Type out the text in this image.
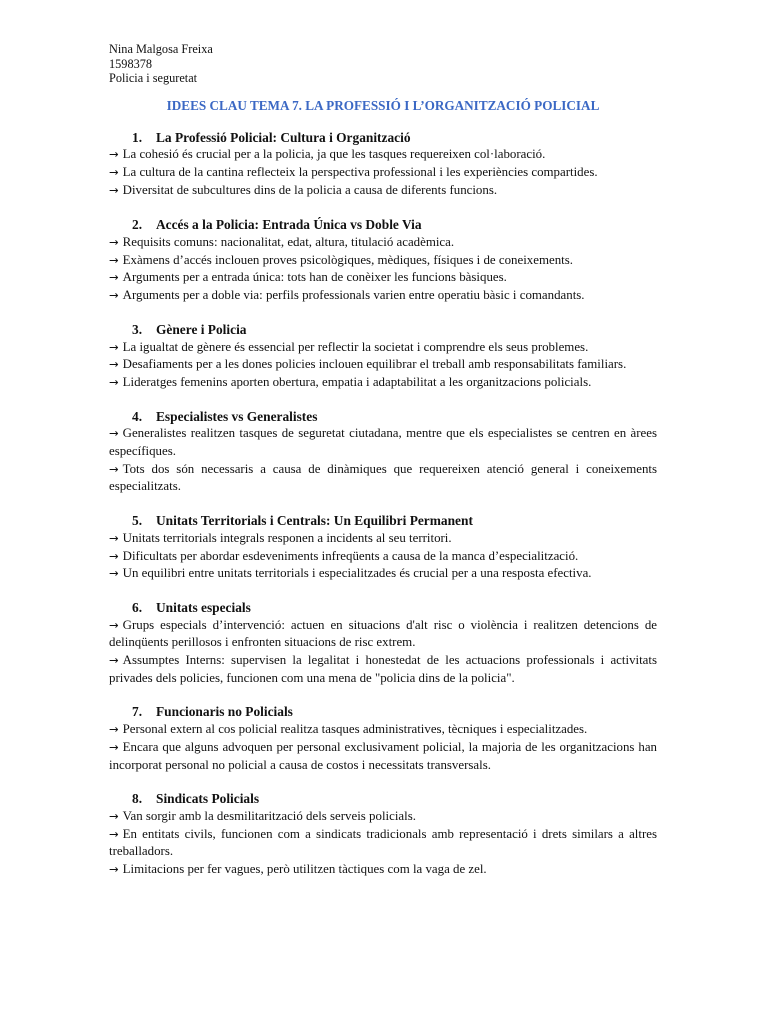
Nina Malgosa Freixa

1598378

Policia i seguretat

IDEES CLAU TEMA 7. LA PROFESSIÓ I L’ORGANITZACIÓ POLICIAL
1. La Professió Policial: Cultura i Organització

→ La cohesió és crucial per a la policia, ja que les tasques requereixen col·laboració.

→ La cultura de la cantina reflecteix la perspectiva professional i les experiències compartides.

→ Diversitat de subcultures dins de la policia a causa de diferents funcions.

2. Accés a la Policia: Entrada Única vs Doble Via

→ Requisits comuns: nacionalitat, edat, altura, titulació acadèmica.

→ Exàmens d’accés inclouen proves psicològiques, mèdiques, físiques i de coneixements.

→ Arguments per a entrada única: tots han de conèixer les funcions bàsiques.

→ Arguments per a doble via: perfils professionals varien entre operatiu bàsic i comandants.

3. Gènere i Policia

→ La igualtat de gènere és essencial per reflectir la societat i comprendre els seus problemes.

→ Desafiaments per a les dones policies inclouen equilibrar el treball amb responsabilitats familiars.

→ Lideratges femenins aporten obertura, empatia i adaptabilitat a les organitzacions policials.

4. Especialistes vs Generalistes

→ Generalistes realitzen tasques de seguretat ciutadana, mentre que els especialistes se centren en àrees específiques.

→ Tots dos són necessaris a causa de dinàmiques que requereixen atenció general i coneixements especialitzats.

5. Unitats Territorials i Centrals: Un Equilibri Permanent

→ Unitats territorials integrals responen a incidents al seu territori.

→ Dificultats per abordar esdeveniments infreqüents a causa de la manca d’especialització.

→ Un equilibri entre unitats territorials i especialitzades és crucial per a una resposta efectiva.

6. Unitats especials

→ Grups especials d’intervenció: actuen en situacions d'alt risc o violència i realitzen detencions de delinqüents perillosos i enfronten situacions de risc extrem.

→ Assumptes Interns: supervisen la legalitat i honestedat de les actuacions professionals i activitats privades dels policies, funcionen com una mena de "policia dins de la policia".

7. Funcionaris no Policials

→ Personal extern al cos policial realitza tasques administratives, tècniques i especialitzades.

→ Encara que alguns advoquen per personal exclusivament policial, la majoria de les organitzacions han incorporat personal no policial a causa de costos i necessitats transversals.

8. Sindicats Policials

→ Van sorgir amb la desmilitarització dels serveis policials.

→ En entitats civils, funcionen com a sindicats tradicionals amb representació i drets similars a altres treballadors.

→ Limitacions per fer vagues, però utilitzen tàctiques com la vaga de zel.
